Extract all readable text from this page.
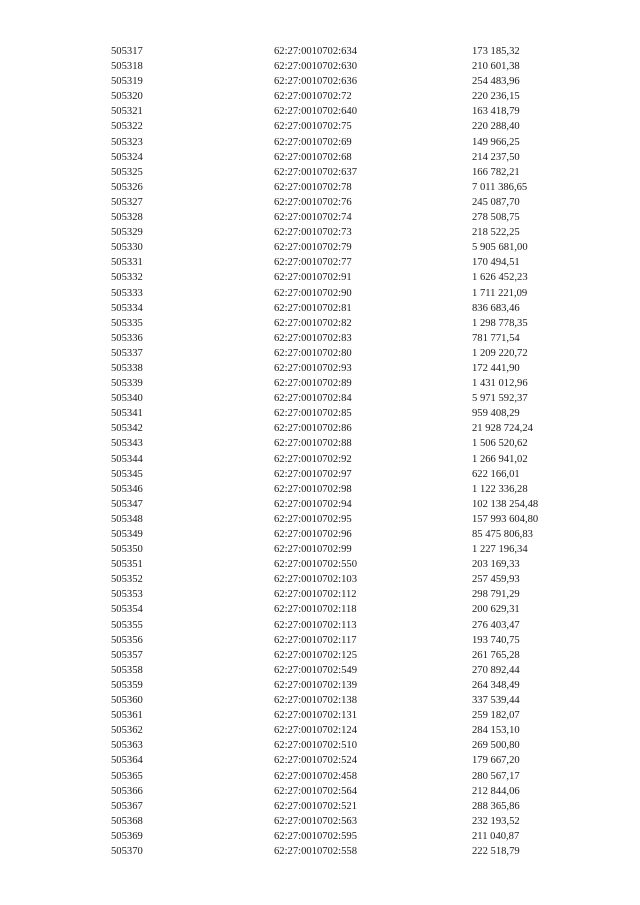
505317	62:27:0010702:634	173 185,32
505318	62:27:0010702:630	210 601,38
505319	62:27:0010702:636	254 483,96
505320	62:27:0010702:72	220 236,15
505321	62:27:0010702:640	163 418,79
505322	62:27:0010702:75	220 288,40
505323	62:27:0010702:69	149 966,25
505324	62:27:0010702:68	214 237,50
505325	62:27:0010702:637	166 782,21
505326	62:27:0010702:78	7 011 386,65
505327	62:27:0010702:76	245 087,70
505328	62:27:0010702:74	278 508,75
505329	62:27:0010702:73	218 522,25
505330	62:27:0010702:79	5 905 681,00
505331	62:27:0010702:77	170 494,51
505332	62:27:0010702:91	1 626 452,23
505333	62:27:0010702:90	1 711 221,09
505334	62:27:0010702:81	836 683,46
505335	62:27:0010702:82	1 298 778,35
505336	62:27:0010702:83	781 771,54
505337	62:27:0010702:80	1 209 220,72
505338	62:27:0010702:93	172 441,90
505339	62:27:0010702:89	1 431 012,96
505340	62:27:0010702:84	5 971 592,37
505341	62:27:0010702:85	959 408,29
505342	62:27:0010702:86	21 928 724,24
505343	62:27:0010702:88	1 506 520,62
505344	62:27:0010702:92	1 266 941,02
505345	62:27:0010702:97	622 166,01
505346	62:27:0010702:98	1 122 336,28
505347	62:27:0010702:94	102 138 254,48
505348	62:27:0010702:95	157 993 604,80
505349	62:27:0010702:96	85 475 806,83
505350	62:27:0010702:99	1 227 196,34
505351	62:27:0010702:550	203 169,33
505352	62:27:0010702:103	257 459,93
505353	62:27:0010702:112	298 791,29
505354	62:27:0010702:118	200 629,31
505355	62:27:0010702:113	276 403,47
505356	62:27:0010702:117	193 740,75
505357	62:27:0010702:125	261 765,28
505358	62:27:0010702:549	270 892,44
505359	62:27:0010702:139	264 348,49
505360	62:27:0010702:138	337 539,44
505361	62:27:0010702:131	259 182,07
505362	62:27:0010702:124	284 153,10
505363	62:27:0010702:510	269 500,80
505364	62:27:0010702:524	179 667,20
505365	62:27:0010702:458	280 567,17
505366	62:27:0010702:564	212 844,06
505367	62:27:0010702:521	288 365,86
505368	62:27:0010702:563	232 193,52
505369	62:27:0010702:595	211 040,87
505370	62:27:0010702:558	222 518,79
